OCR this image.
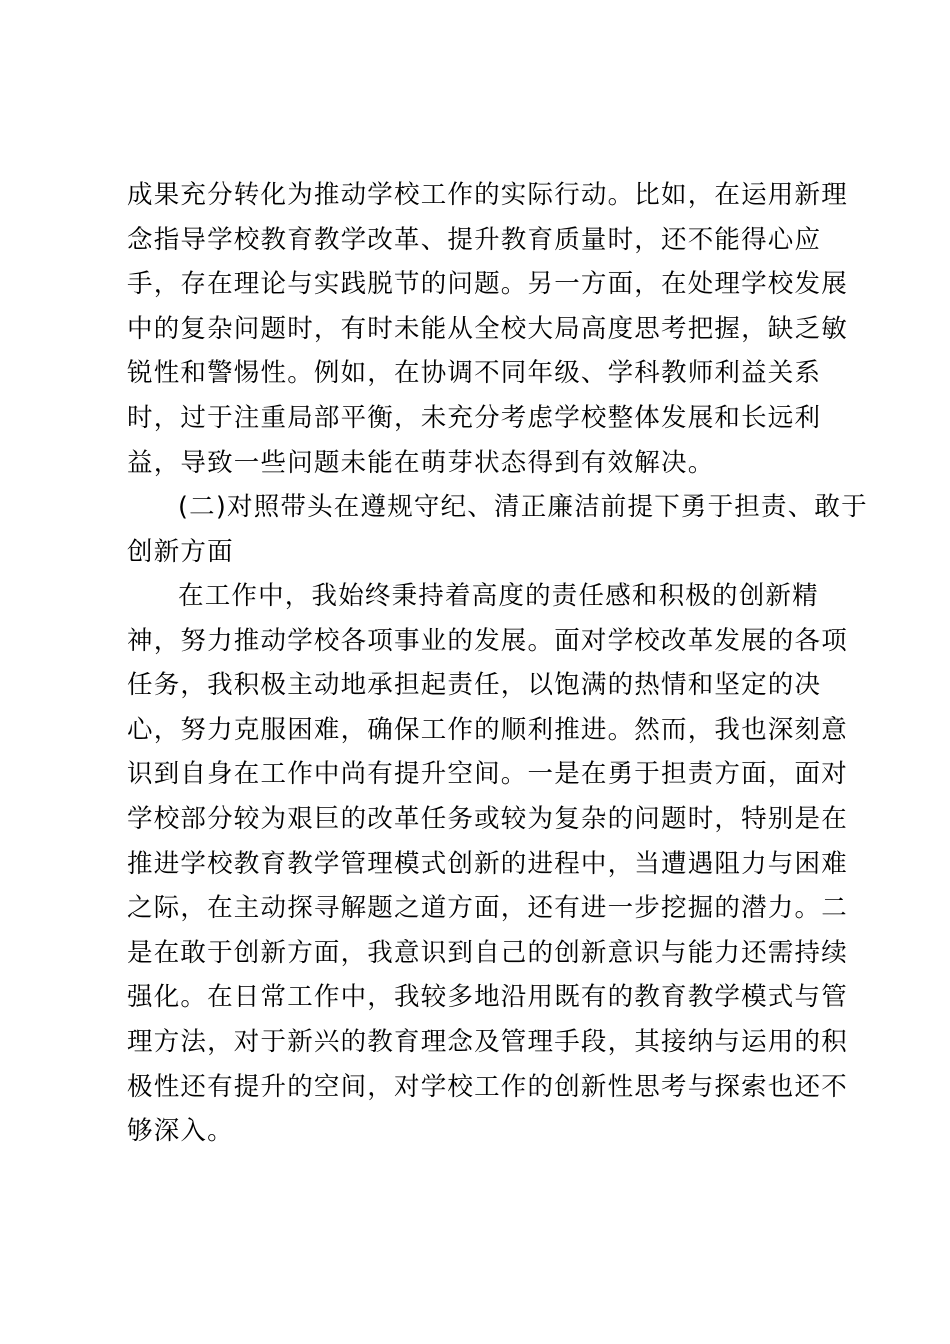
成果充分转化为推动学校工作的实际行动。比如，在运用新理
念指导学校教育教学改革、提升教育质量时，还不能得心应
手，存在理论与实践脱节的问题。另一方面，在处理学校发展
中的复杂问题时，有时未能从全校大局高度思考把握，缺乏敏
锐性和警惕性。例如，在协调不同年级、学科教师利益关系
时，过于注重局部平衡，未充分考虑学校整体发展和长远利
益，导致一些问题未能在萌芽状态得到有效解决。
(二)对照带头在遵规守纪、清正廉洁前提下勇于担责、敢于
创新方面
在工作中，我始终秉持着高度的责任感和积极的创新精
神，努力推动学校各项事业的发展。面对学校改革发展的各项
任务，我积极主动地承担起责任，以饱满的热情和坚定的决
心，努力克服困难，确保工作的顺利推进。然而，我也深刻意
识到自身在工作中尚有提升空间。一是在勇于担责方面，面对
学校部分较为艰巨的改革任务或较为复杂的问题时，特别是在
推进学校教育教学管理模式创新的进程中，当遭遇阻力与困难
之际，在主动探寻解题之道方面，还有进一步挖掘的潜力。二
是在敢于创新方面，我意识到自己的创新意识与能力还需持续
强化。在日常工作中，我较多地沿用既有的教育教学模式与管
理方法，对于新兴的教育理念及管理手段，其接纳与运用的积
极性还有提升的空间，对学校工作的创新性思考与探索也还不
够深入。
